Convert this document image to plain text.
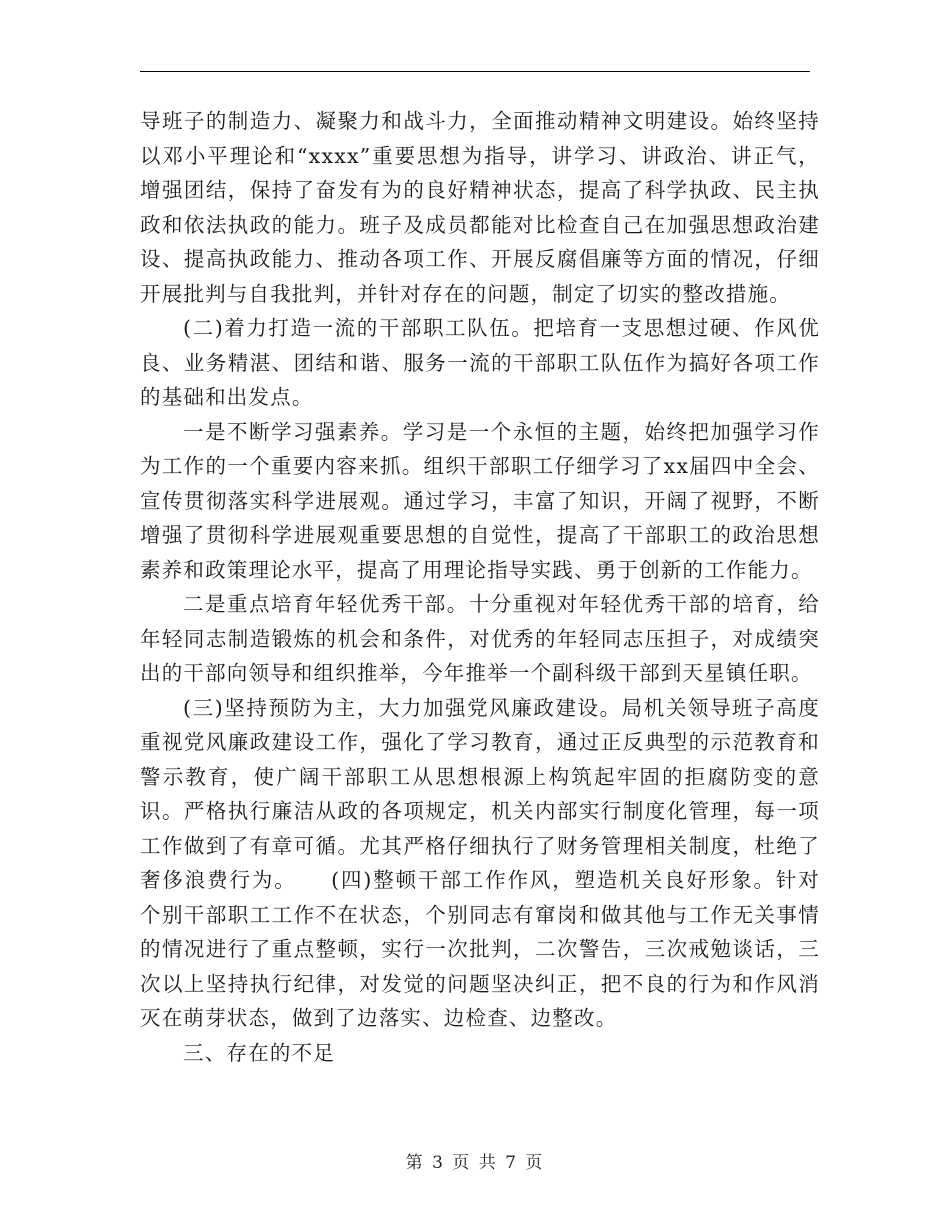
导班子的制造力、凝聚力和战斗力，全面推动精神文明建设。始终坚持以邓小平理论和“xxxx”重要思想为指导，讲学习、讲政治、讲正气，增强团结，保持了奋发有为的良好精神状态，提高了科学执政、民主执政和依法执政的能力。班子及成员都能对比检查自己在加强思想政治建设、提高执政能力、推动各项工作、开展反腐倡廉等方面的情况，仔细开展批判与自我批判，并针对存在的问题，制定了切实的整改措施。

(二)着力打造一流的干部职工队伍。把培育一支思想过硬、作风优良、业务精湛、团结和谐、服务一流的干部职工队伍作为搞好各项工作的基础和出发点。

一是不断学习强素养。学习是一个永恒的主题，始终把加强学习作为工作的一个重要内容来抓。组织干部职工仔细学习了xx届四中全会、宣传贯彻落实科学进展观。通过学习，丰富了知识，开阔了视野，不断增强了贯彻科学进展观重要思想的自觉性，提高了干部职工的政治思想素养和政策理论水平，提高了用理论指导实践、勇于创新的工作能力。

二是重点培育年轻优秀干部。十分重视对年轻优秀干部的培育，给年轻同志制造锻炼的机会和条件，对优秀的年轻同志压担子，对成绩突出的干部向领导和组织推举，今年推举一个副科级干部到天星镇任职。

(三)坚持预防为主，大力加强党风廉政建设。局机关领导班子高度重视党风廉政建设工作，强化了学习教育，通过正反典型的示范教育和警示教育，使广阔干部职工从思想根源上构筑起牢固的拒腐防变的意识。严格执行廉洁从政的各项规定，机关内部实行制度化管理，每一项工作做到了有章可循。尤其严格仔细执行了财务管理相关制度，杜绝了奢侈浪费行为。　　(四)整顿干部工作作风，塑造机关良好形象。针对个别干部职工工作不在状态，个别同志有窜岗和做其他与工作无关事情的情况进行了重点整顿，实行一次批判，二次警告，三次戒勉谈话，三次以上坚持执行纪律，对发觉的问题坚决纠正，把不良的行为和作风消灭在萌芽状态，做到了边落实、边检查、边整改。

三、存在的不足

第 3 页 共 7 页
